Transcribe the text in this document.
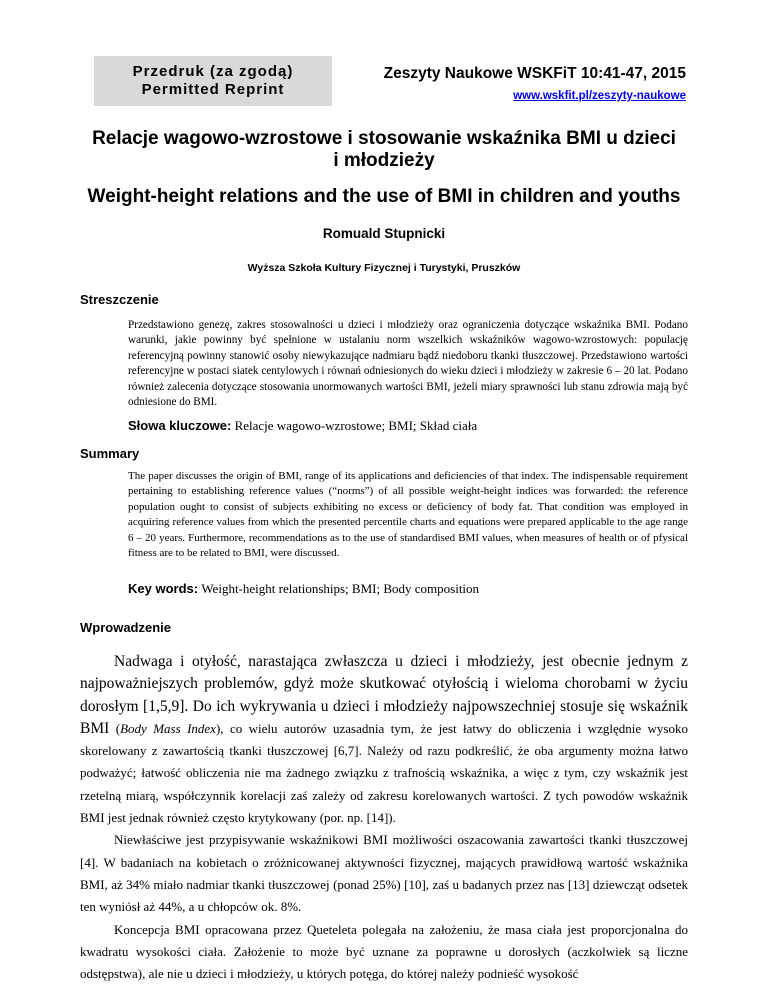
Przedruk (za zgodą)
Permitted Reprint
Zeszyty Naukowe WSKFiT 10:41-47, 2015
www.wskfit.pl/zeszyty-naukowe
Relacje wagowo-wzrostowe i stosowanie wskaźnika BMI u dzieci
i młodzieży
Weight-height relations and the use of BMI in children and youths
Romuald Stupnicki
Wyższa Szkoła Kultury Fizycznej i Turystyki, Pruszków
Streszczenie
Przedstawiono genezę, zakres stosowalności u dzieci i młodzieży oraz ograniczenia dotyczące wskaźnika BMI. Podano warunki, jakie powinny być spełnione w ustalaniu norm wszelkich wskaźników wagowo-wzrostowych: populację referencyjną powinny stanowić osoby niewykazujące nadmiaru bądź niedoboru tkanki tłuszczowej. Przedstawiono wartości referencyjne w postaci siatek centylowych i równań odniesionych do wieku dzieci i młodzieży w zakresie 6 – 20 lat. Podano również zalecenia dotyczące stosowania unormowanych wartości BMI, jeżeli miary sprawności lub stanu zdrowia mają być odniesione do BMI.
Słowa kluczowe: Relacje wagowo-wzrostowe; BMI; Skład ciała
Summary
The paper discusses the origin of BMI, range of its applications and deficiencies of that index. The indispensable requirement pertaining to establishing reference values (“norms”) of all possible weight-height indices was forwarded: the reference population ought to consist of subjects exhibiting no excess or deficiency of body fat. That condition was employed in acquiring reference values from which the presented percentile charts and equations were prepared applicable to the age range 6 – 20 years. Furthermore, recommendations as to the use of standardised BMI values, when measures of health or of pfysical fitness are to be related to BMI, were discussed.
Key words: Weight-height relationships; BMI; Body composition
Wprowadzenie

Nadwaga i otyłość, narastająca zwłaszcza u dzieci i młodzieży, jest obecnie jednym z najpoważniejszych problemów, gdyż może skutkować otyłością i wieloma chorobami w życiu dorosłym [1,5,9]. Do ich wykrywania u dzieci i młodzieży najpowszechniej stosuje się wskaźnik BMI (Body Mass Index), co wielu autorów uzasadnia tym, że jest łatwy do obliczenia i względnie wysoko skorelowany z zawartością tkanki tłuszczowej [6,7]. Należy od razu podkreślić, że oba argumenty można łatwo podważyć; łatwość obliczenia nie ma żadnego związku z trafnością wskaźnika, a więc z tym, czy wskaźnik jest rzetelną miarą, współczynnik korelacji zaś zależy od zakresu korelowanych wartości. Z tych powodów wskaźnik BMI jest jednak również często krytykowany (por. np. [14]).

Niewłaściwe jest przypisywanie wskaźnikowi BMI możliwości oszacowania zawartości tkanki tłuszczowej [4]. W badaniach na kobietach o zróżnicowanej aktywności fizycznej, mających prawidłową wartość wskaźnika BMI, aż 34% miało nadmiar tkanki tłuszczowej (ponad 25%) [10], zaś u badanych przez nas [13] dziewcząt odsetek ten wyniósł aż 44%, a u chłopców ok. 8%.

Koncepcja BMI opracowana przez Queteleta polegała na założeniu, że masa ciała jest proporcjonalna do kwadratu wysokości ciała. Założenie to może być uznane za poprawne u dorosłych (aczkolwiek są liczne odstępstwa), ale nie u dzieci i młodzieży, u których potęga, do której należy podnieść wysokość
